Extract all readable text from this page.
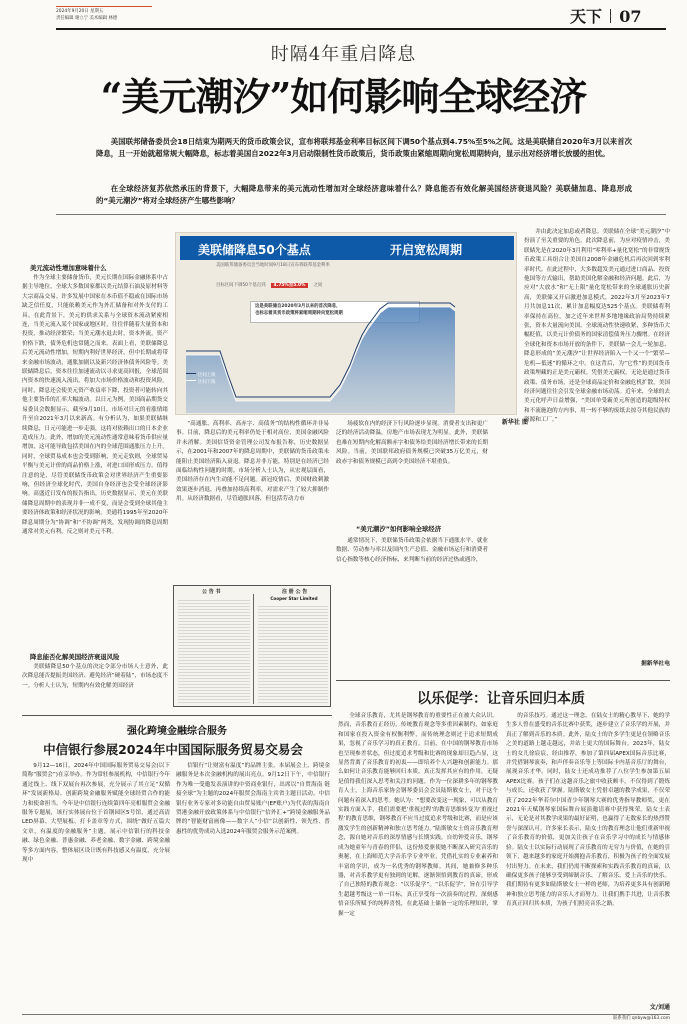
2024年9月20日 星期五
责任编辑 谢立宁 美术编辑 林德	天下 07
时隔4年重启降息
“美元潮汐”如何影响全球经济
美国联邦储备委员会18日结束为期两天的货币政策会议，宣布将联邦基金利率目标区间下调50个基点到4.75%至5%之间。这是美联储自2020年3月以来首次降息，且一开始就超常规大幅降息，标志着美国自2022年3月启动限制性货币政策后，货币政策由紧缩周期向宽松周期转向，显示出对经济增长放缓的担忧。
在全球经济复苏依然承压的背景下，大幅降息带来的美元流动性增加对全球经济意味着什么？降息能否有效化解美国经济衰退风险？美联储加息、降息形成的“美元潮汐”将对全球经济产生哪些影响？
美元流动性增加意味着什么
作为全球主要储备货币，美元长期在国际金融体系中占据主导地位，全球大多数国家都以美元结算石油及原材料等大宗商品交易。许多发展中国家在本币值不稳或在国际市场缺乏信任度，只能依赖美元作为外汇储备和对外支付的工具。在此背景下，美元的供求关系与全球资本流动紧密相连，当美元流入某个国家或地区时，往往伴随着大量资本和投资，推动经济繁荣；当美元潮水退去时，资本外流，资产价格下跌，债务危机也常随之而来。表面上看，美联储降息后美元流动性增加，短期内利好世界经济，但中长期或将带来金融市场波动，通胀加剧以及新兴经济体债务风险等。美联储降息后，资本往往加速流动以寻求更高回报，全球范围内资本的快速流入流出，将加大市场价格波动和投资风险。同时，降息还会使美元资产收益率下降，投资者可能转向其他主要货币的汇率大幅波动。以日元为例，美国商品期货交易委员会数据显示，截至9月10日，市场对日元的看涨情绪升至自2021年3月以来新高。有分析认为，如果美联储继续降息，日元可能进一步走强，这将对依赖出口的日本企业造成压力。此外，增加的美元流动性通常意味着货币供应量增加，这可能导致包括美国在内的全球范围通胀压力上升。同时，全球贸易成本也会受到影响，美元走软则，全球贸易平衡与美元计价的商品价格上涨，对进口国形成压力。值得注意的是，尽管美联储货币政策会对世界经济产生重要影响，但经济全球化时代，美国自身经济也会受全球经济影响。高盛近日发布的报告指出，历史数据显示，美元在美联储降息周期中的表现并非一成不变，而是会受到全球其他主要经济体政策和经济状况的影响。美通将1995年至2020年降息周期分为“协调”和“不协调”两类，发现协调的降息周期通常对美元有利，反之则对美元不利。
降息能否化解美国经济衰退风险
美联储降息50个基点的决定令部分市场人士意外，此次降息能否提振美国经济、避免经济“硬着陆”，市场态度不一。分析人士认为，短期内有效化解美国经济
美联储降息50个基点	开启宽松周期
美国联邦储备委员会当地时间9月18日宣布将联邦基金利率
目标区间下调50个基点到 4.75%至5.0% 之间
这是美联储自2020年3月以来的首次降息，
也标志着其货币政策将紧缩周期转向宽松周期
区间上限
区间下限
新华社 图
“高通胀、高利率、高赤字、高债务”的结构性循环并非易事。目前，降息后的美元利率仍处于相对高位，美国金融风险并未消解。美国信贷资金管理公司发布报告称，历史数据显示，在2001年和2007年的降息周期中，美联储的货币政策未能阻止美国经济陷入衰退。降息并非万能，特别是在经济已经面临结构性问题的时期。市场分析人士认为，从宏观层面看，美国经济存在内生动能不足问题。新冠疫情后，美国财政刺激效果逐步消退，再叠加持续高利率，对需求产生了较大抑制作用。从经济数据看，尽管通胀回落，但包括劳动力市
场疲软在内的经济下行风险逐步显现。消费者支出和更广泛的经济活动降温，房地产市场表现尤为明显。此外，美联储也难在短期内化解高额赤字和债务给美国经济增长带来的长期风险。当前，美国联邦政府债务规模已突破35万亿美元，财政赤字和债务规模已高到令美国经济不堪重负。
“美元潮汐”如何影响全球经济
通常情况下，美联储货币政策会依据当下通胀水平、就业数据、劳动参与率以及国内生产总值、金融市场运行和消费者信心指数等核心经济指标，来判断当前的经济过热或遇冷，
并由此决定加息或者降息。美联储在全球“美元潮汐”中扮演了至关重要的角色。此次降息前，为应对疫情冲击，美联储先是在2020年3月利用“零利率+量化宽松”的非常规货币政策工具组合让美国自2008年金融危机后再次回到零利率时代。在此过程中，大多数超发美元通过进口商品、投资他国等方式输出，帮助美国化解金融和经济问题。此后，为应对“大放水”和“无上限”量化宽松带来的全球通胀历史新高，美联储又开启激进加息模式，2022年3月至2023年7月共加息11次，累计加息幅度达525个基点。美联储将利率保持在高位，加之近年来世界多地地缘政治局势持续紧张，资本大量流向美国，全球流动性快速收紧，多种货币大幅贬值，以美元计价债务的国家清偿债务压力骤增。在经济全球化和资本市场开放的条件下，美联储一会儿一轮加息、降息形成的“美元潮汐”让世界经济陷入一个又一个“繁荣—危机—低迷”的循环之中。在这背后，为“它性”的美国货币政策埋藏的正是美元霸权。凭借美元霸权，无论是通过货币政策、债务市场，还是全球商品定价和金融危机扩散，美国经济问题往往会引发全球金融市场动荡。近年来，全球的去美元化呼声日益增强，“美国单受霸美元所创造的超级特权和不流施泡的方内事，用一转不够的废纸去掠夺其他民族的资源和工厂。”
据新华社电
公 告 书	注 册 公 告
Cooper Star Limited
以乐促学：让音乐回归本质
全球音乐教育，尤其是钢琴教育的重要性正在被大众认识。然而，音乐教育正经历，传统教育观念等多重因素制约，如家庭和国家在投入资金有权衡利弊，而传统理念则过于追求短期成果，忽视了音乐学习的真正教育。目前，在中国的钢琴教育市场也呈现参差状态，但过度追求考级和比赛的现象却日趋凸显，这显然背离了音乐教育的初衷——即培养个人兴趣和创新能力。那么如何让音乐教育能够回归本质，真正发挥其应有的作用，无疑是值得我们深入思考和关注的问题。作为一位深耕多年的钢琴教育人士，上海音乐家协会钢琴委员会会员陆斯敏女士，对于这个问题有着深入的思考。她认为：“想要改变这一现象，可以从教育实践方面入手，我们需要把‘重视过程’的教育思维转变为‘重视过程’的教育思维，钢琴教育不应当过度追求考级和比赛，而是应该激发学生的创新精神和独立思考能力。”陆斯敏女士的音乐教育理念，源自她对音乐的深厚情感与长期实践。自幼钟爱音乐，钢琴成为她童年与青春的伴侣，这份热爱驱使她不断深入研究音乐的奥秘，在上海师范大学音乐学专业毕业，凭借扎实的专业素养和丰富的学识，成为一名优秀的钢琴教师。其间，她兼修多种乐器，对音乐教学更有独到的见解，逐渐领悟到教育的真谛，形成了自己独特的教育观念：“以乐促学”。“以乐促学”，旨在引导学生超越考级这一单一目标，真正享受每一次演奏的过程，深刻感悟音乐所赋予的纯粹喜悦，在此基础上储备一定的乐理知识，掌握一定
的音乐技巧。通过这一理念，在陆女士的精心教导下，她的学生多人曾在盛受的音乐比赛中获奖，逐步建立了音乐学的开展，并真正了解到音乐的本质。此外，陆女士的许多学生更是在领略音乐之美的道路上越走越远，并站上更大的国际舞台。2023年，陆女士的女儿徐宸宸，经由推荐，参加了第四届APEX国际音乐比赛，并凭借钢琴演奏，和声伴奏音乐等上等国际卡内基音乐厅的舞台，展现音乐才华。同时，陆女士还成功推荐了八位学生参加第五届APEX比赛。孩子们在这趟音乐之旅中收获颇丰，不仅得到了锻炼与成长，还收获了掌握。陆斯敏女士凭借卓越的教学成果，不仅荣获了2022年华若尔中国青少年钢琴大赛的优秀指导教师奖，更在2021年天赋钢琴家国际舞台展演邀请赛中获得殊荣。陆女士表示，无论是对其教学成果的最好证明，也赢得了无数家长的热烈赞誉与深深认可。许多家长表示，陆女士的教育理念让他们重新审视了音乐教育的价值，更加关注孩子在音乐学习中的成长与情感体验。陆女士以实际行动展现了音乐教育的无穷力与价值，在她的引领下，越来越多的家庭开始拥抱音乐教育，积极为孩子的全面发展付出努力。在未来，我们仍需不断探索和实践音乐教育的真谛，以确保更多孩子能够享受到缔制音乐、了解音乐、爱上音乐的快乐。我们期待有更多如陆斯敏女士一样的老师，为培养更多具有创新精神和独立思考能力的音乐人才而努力。让我们携手共进，让音乐教育真正回归其本质，为孩子们照亮音乐之路。
文/刘通
强化跨境金融综合服务
中信银行参展2024年中国国际服务贸易交易会
9月12—16日，2024年中国国际服务贸易交易会(以下简称“服贸会”)在京举办。作为常驻参展机构，中信银行今年通过线上、线下双展台再次参展，充分展示了其立足“双循环”发展新格局、创新跨境金融服务赋能全球经贸合作的能力和使命担当。今年是中信银行连续第四年亮相服贸会金融服务专题展，该行实体展台位于首钢园区5号馆，通过高清LED屏幕、大型展板、打卡盖章等方式，围绕“做好五篇大文章，有温度的金融服务”主题，展示中信银行的科技金融、绿色金融、普惠金融、养老金融、数字金融、跨境金融等多方面内容，整体展区设计既有科技感又有温度，充分展现中
信银行“让财富有温度”的品牌主张。本届展会上，跨境金融服务是本次金融机构的展出亮点。9月12日下午，中信银行作为唯一受邀发表演讲的中资商业银行，出席以“自贸海南 链接全球”为主题的2024年服贸会海南主宾省主题日活动。中信银行业务专家对多功能自由贸易账户(EF账户)为代表的海南自贸港金融开放政策体系与中信银行“信外汇+”跨境金融服务品牌的“智能财富画像——数字人”小信”以创新性、领先性、普惠性的优势成功入选2024年服贸会服务示范案例。
联系我们 qnbyw@163.com
